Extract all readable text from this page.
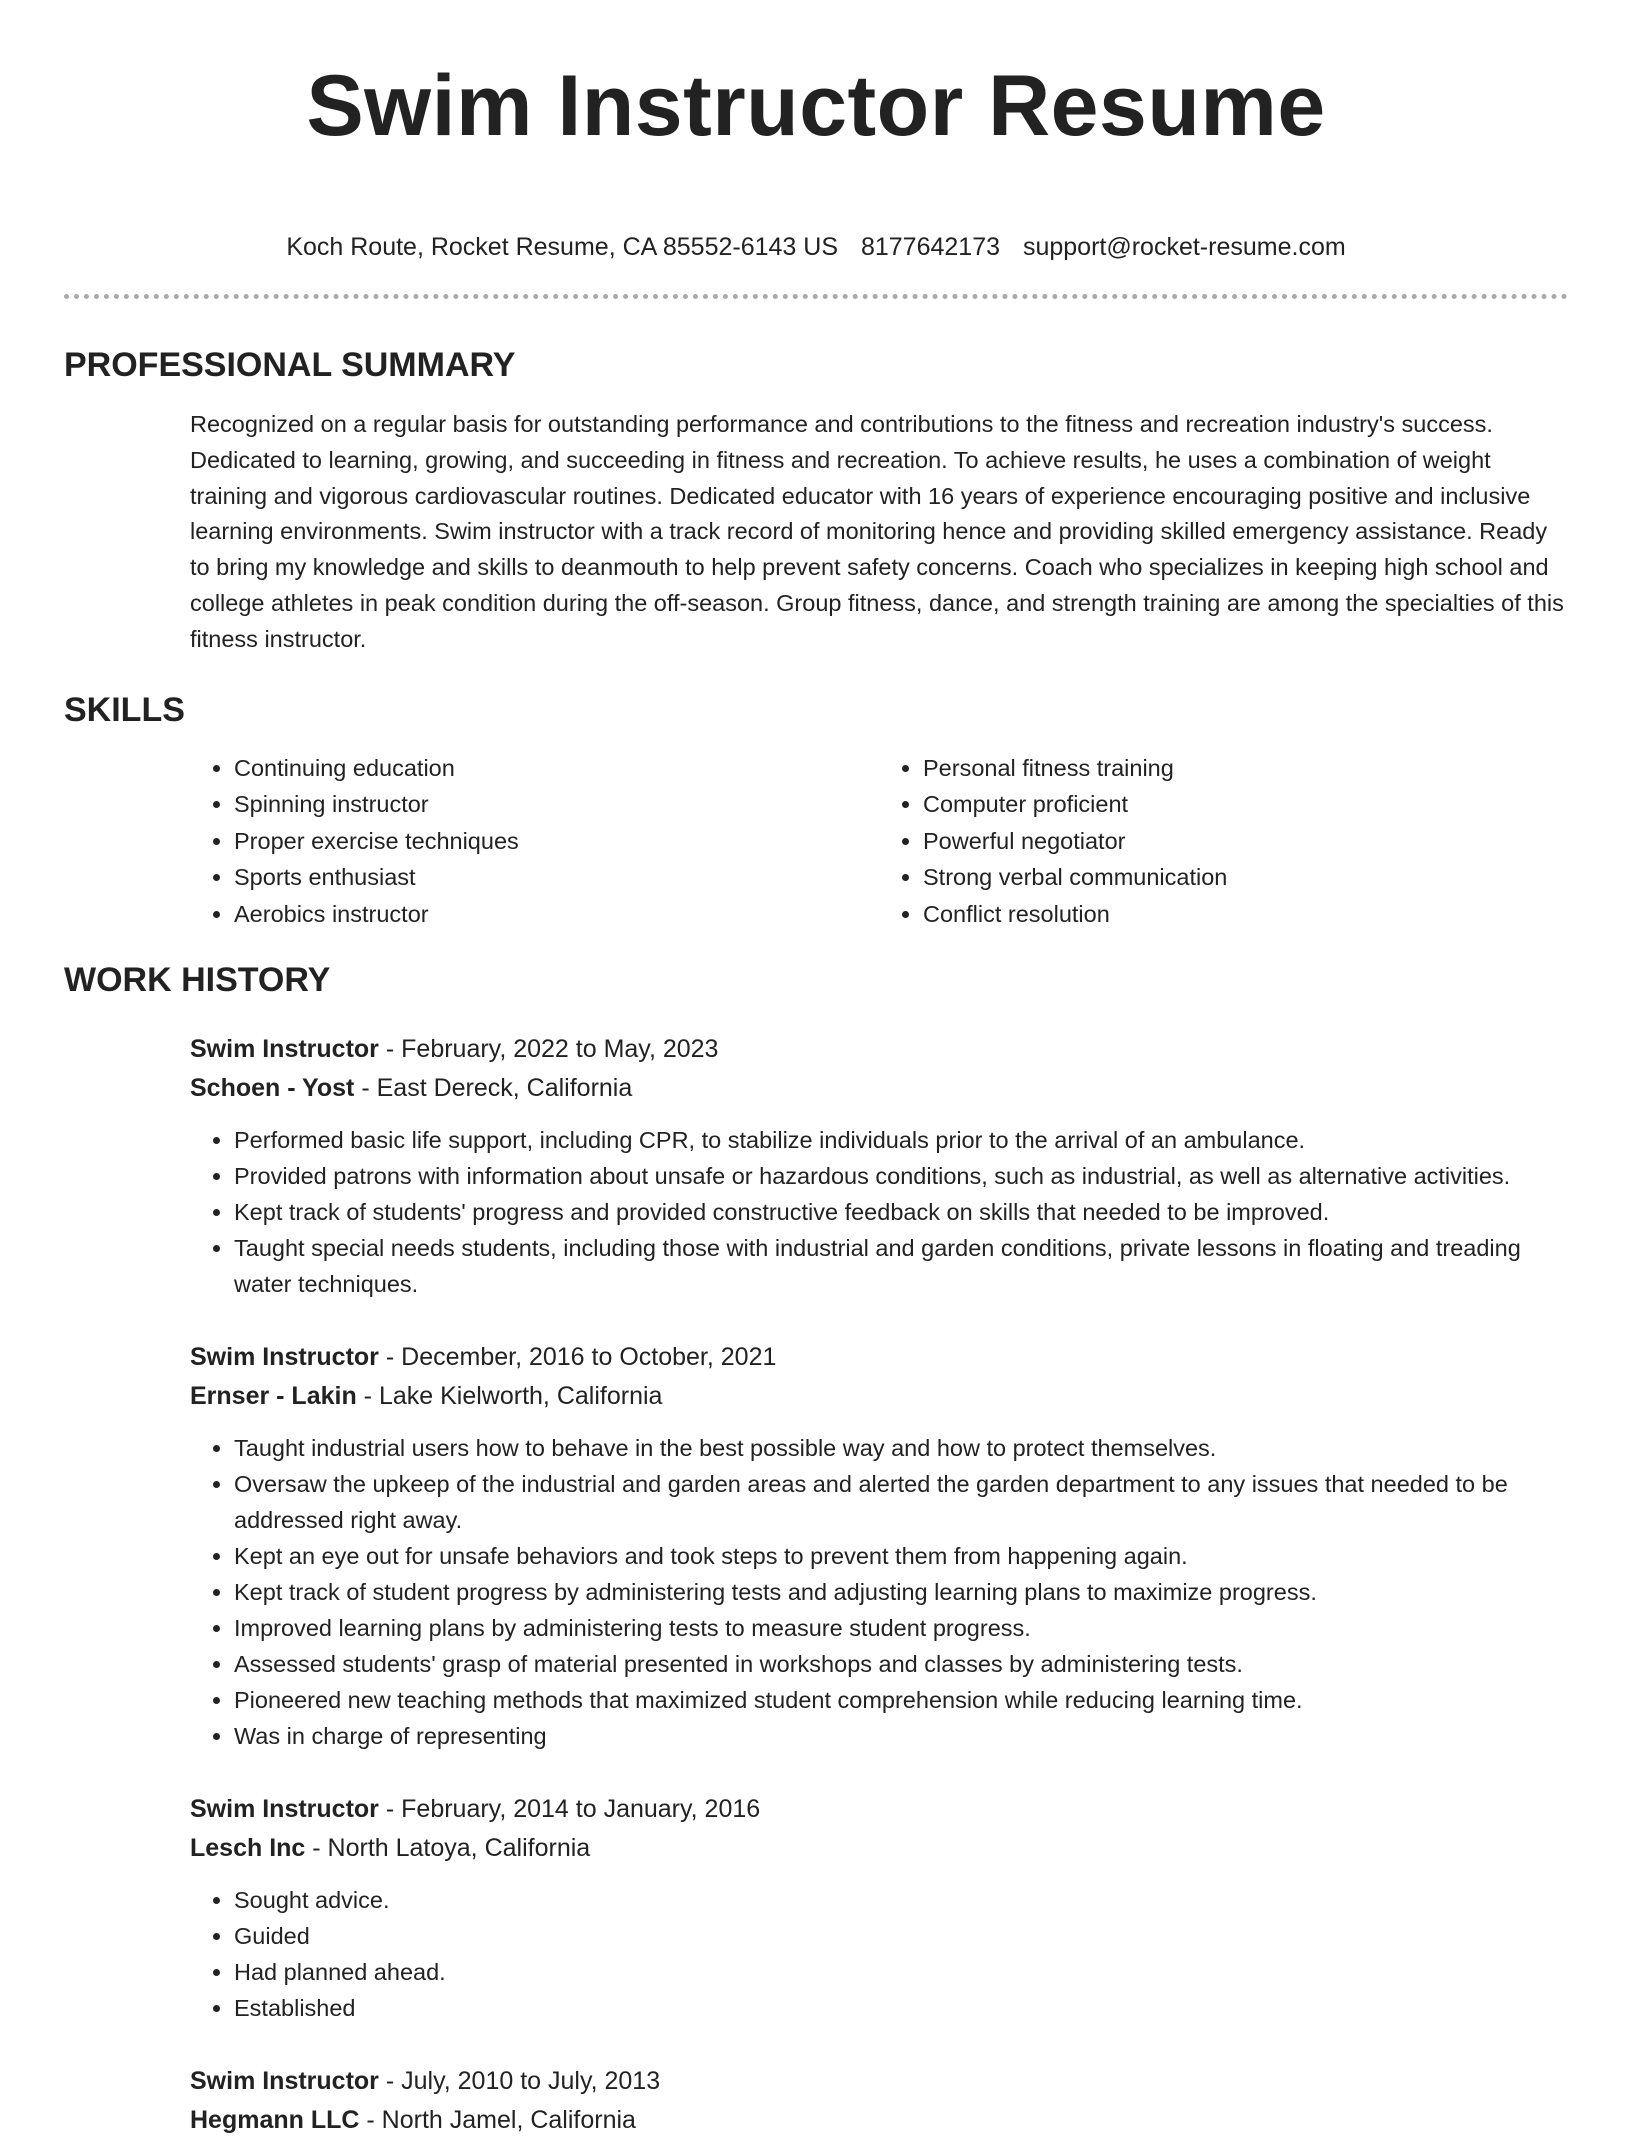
Swim Instructor Resume
Koch Route, Rocket Resume, CA 85552-6143 US 8177642173 support@rocket-resume.com
PROFESSIONAL SUMMARY

Recognized on a regular basis for outstanding performance and contributions to the fitness and recreation industry's success. Dedicated to learning, growing, and succeeding in fitness and recreation. To achieve results, he uses a combination of weight training and vigorous cardiovascular routines. Dedicated educator with 16 years of experience encouraging positive and inclusive learning environments. Swim instructor with a track record of monitoring hence and providing skilled emergency assistance. Ready to bring my knowledge and skills to deanmouth to help prevent safety concerns. Coach who specializes in keeping high school and college athletes in peak condition during the off-season. Group fitness, dance, and strength training are among the specialties of this fitness instructor.

SKILLS
• Continuing education
• Spinning instructor
• Proper exercise techniques
• Sports enthusiast
• Aerobics instructor
• Personal fitness training
• Computer proficient
• Powerful negotiator
• Strong verbal communication
• Conflict resolution
WORK HISTORY
Swim Instructor - February, 2022 to May, 2023
Schoen - Yost - East Dereck, California
• Performed basic life support, including CPR, to stabilize individuals prior to the arrival of an ambulance.
• Provided patrons with information about unsafe or hazardous conditions, such as industrial, as well as alternative activities.
• Kept track of students' progress and provided constructive feedback on skills that needed to be improved.
• Taught special needs students, including those with industrial and garden conditions, private lessons in floating and treading water techniques.
Swim Instructor - December, 2016 to October, 2021
Ernser - Lakin - Lake Kielworth, California
• Taught industrial users how to behave in the best possible way and how to protect themselves.
• Oversaw the upkeep of the industrial and garden areas and alerted the garden department to any issues that needed to be addressed right away.
• Kept an eye out for unsafe behaviors and took steps to prevent them from happening again.
• Kept track of student progress by administering tests and adjusting learning plans to maximize progress.
• Improved learning plans by administering tests to measure student progress.
• Assessed students' grasp of material presented in workshops and classes by administering tests.
• Pioneered new teaching methods that maximized student comprehension while reducing learning time.
• Was in charge of representing
Swim Instructor - February, 2014 to January, 2016
Lesch Inc - North Latoya, California
• Sought advice.
• Guided
• Had planned ahead.
• Established
Swim Instructor - July, 2010 to July, 2013
Hegmann LLC - North Jamel, California
